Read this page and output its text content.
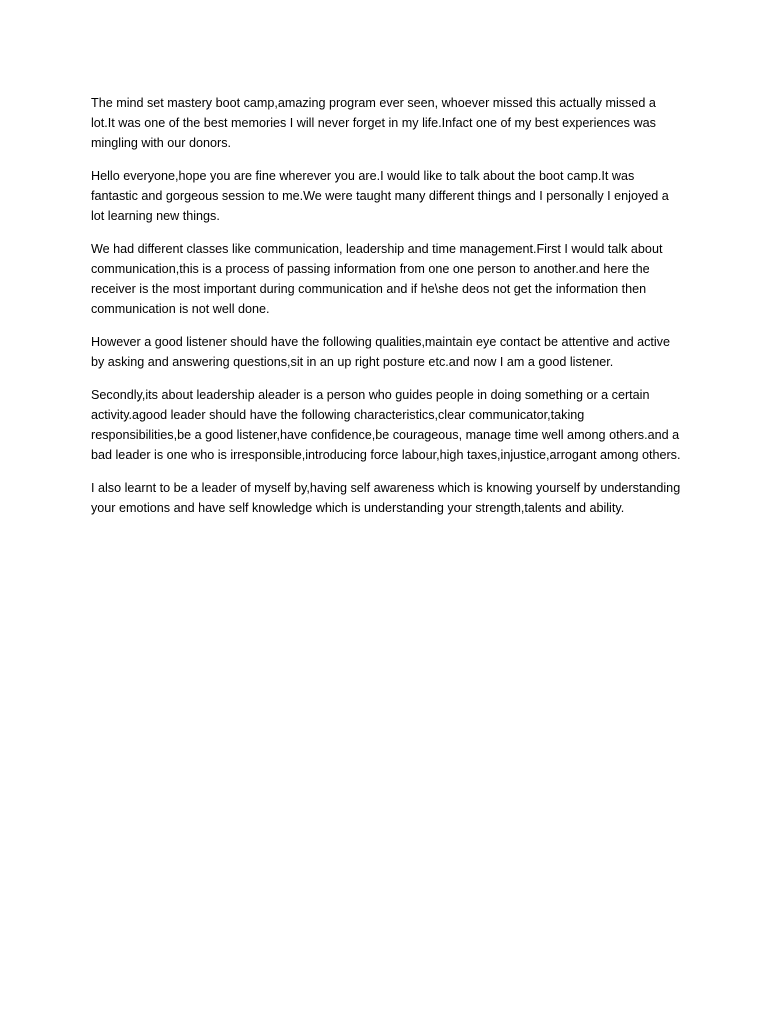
The mind set mastery boot camp,amazing program ever seen, whoever missed this actually missed a lot.It was one of the best memories I will never forget in my life.Infact one of my best experiences was mingling with our donors.

Hello everyone,hope you are fine wherever you are.I would like to talk about the boot camp.It was fantastic and gorgeous session to me.We were taught many different things and I personally I enjoyed a lot learning new things.

We had different classes like communication, leadership and time management.First I would talk about communication,this is a process of passing information from one one person to another.and here the receiver is the most important during communication and if he\she deos not get the information then communication is not well done.

However a good listener should have the following qualities,maintain eye contact be attentive and active by asking and answering questions,sit in an up right posture etc.and now I am a good listener.

Secondly,its about leadership aleader is a person who guides people in doing something or a certain activity.agood leader should have the following characteristics,clear communicator,taking responsibilities,be a good listener,have confidence,be courageous, manage time well among others.and a bad leader is one who is irresponsible,introducing force labour,high taxes,injustice,arrogant among others.

I also learnt to be a leader of myself by,having self awareness which is knowing yourself by understanding your emotions and have self knowledge which is understanding your strength,talents and ability.
